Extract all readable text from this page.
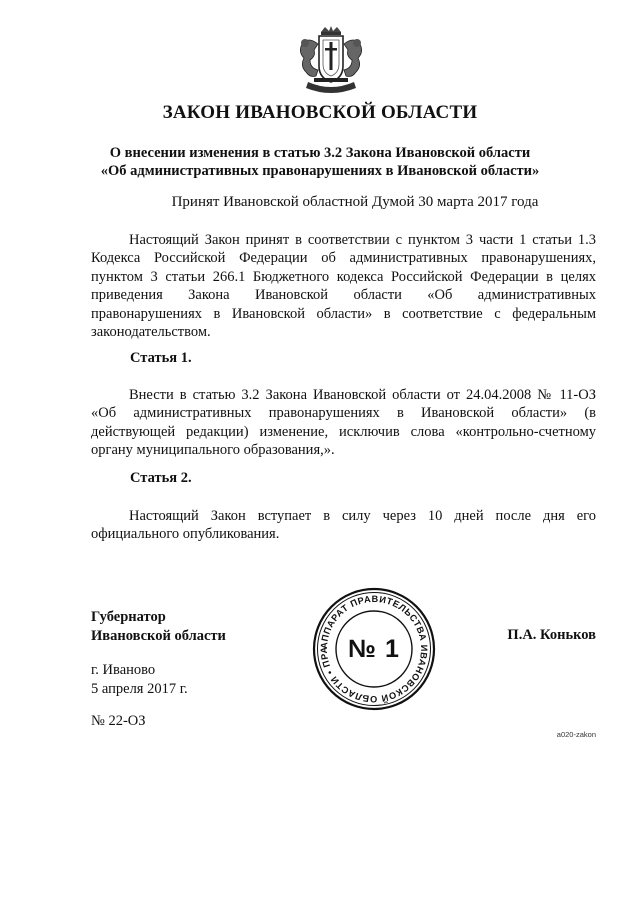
ЗАКОН ИВАНОВСКОЙ ОБЛАСТИ
О внесении изменения в статью 3.2 Закона Ивановской области
«Об административных правонарушениях в Ивановской области»
Принят Ивановской областной Думой 30 марта 2017 года
Настоящий Закон принят в соответствии с пунктом 3 части 1 статьи 1.3 Кодекса Российской Федерации об административных правонарушениях, пунктом 3 статьи 266.1 Бюджетного кодекса Российской Федерации в целях приведения Закона Ивановской области «Об административных правонарушениях в Ивановской области» в соответствие с федеральным законодательством.
Статья 1.
Внести в статью 3.2 Закона Ивановской области от 24.04.2008 № 11-ОЗ «Об административных правонарушениях в Ивановской области» (в действующей редакции) изменение, исключив слова «контрольно-счетному органу муниципального образования,».
Статья 2.
Настоящий Закон вступает в силу через 10 дней после дня его официального опубликования.
Губернатор
Ивановской области
АППАРАТ ПРАВИТЕЛЬСТВА ИВАНОВСКОЙ ОБЛАСТИ • ПРА № 1	П.А. Коньков
г. Иваново
5 апреля 2017 г.
№ 22-ОЗ
a020-zakon
